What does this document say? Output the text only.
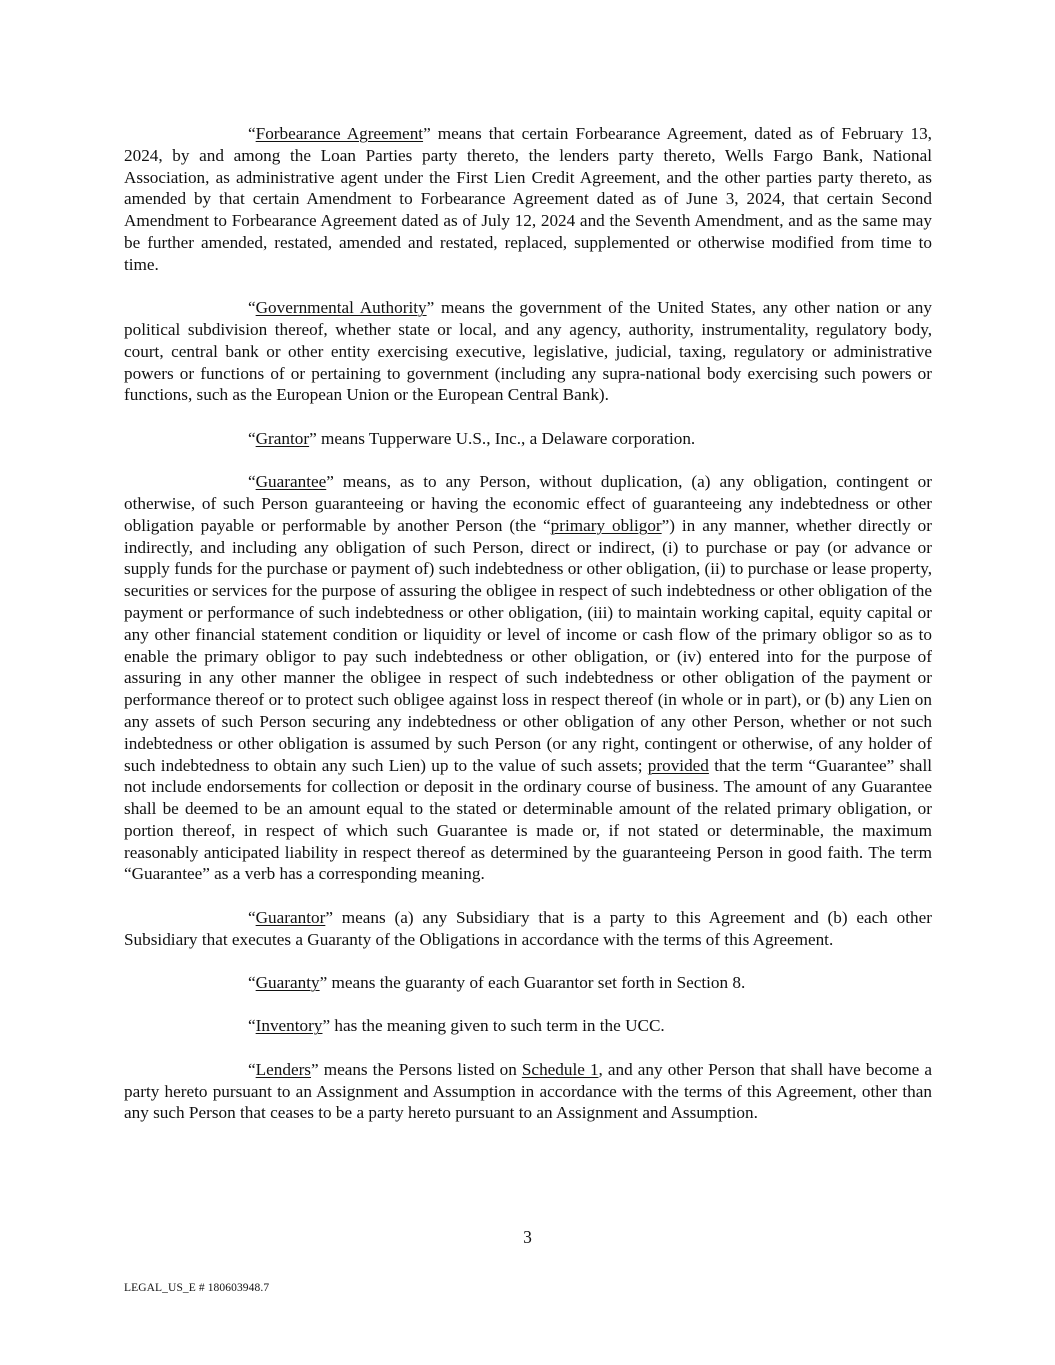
“Forbearance Agreement” means that certain Forbearance Agreement, dated as of February 13, 2024, by and among the Loan Parties party thereto, the lenders party thereto, Wells Fargo Bank, National Association, as administrative agent under the First Lien Credit Agreement, and the other parties party thereto, as amended by that certain Amendment to Forbearance Agreement dated as of June 3, 2024, that certain Second Amendment to Forbearance Agreement dated as of July 12, 2024 and the Seventh Amendment, and as the same may be further amended, restated, amended and restated, replaced, supplemented or otherwise modified from time to time.

“Governmental Authority” means the government of the United States, any other nation or any political subdivision thereof, whether state or local, and any agency, authority, instrumentality, regulatory body, court, central bank or other entity exercising executive, legislative, judicial, taxing, regulatory or administrative powers or functions of or pertaining to government (including any supra-national body exercising such powers or functions, such as the European Union or the European Central Bank).

“Grantor” means Tupperware U.S., Inc., a Delaware corporation.

“Guarantee” means, as to any Person, without duplication, (a) any obligation, contingent or otherwise, of such Person guaranteeing or having the economic effect of guaranteeing any indebtedness or other obligation payable or performable by another Person (the “primary obligor”) in any manner, whether directly or indirectly, and including any obligation of such Person, direct or indirect, (i) to purchase or pay (or advance or supply funds for the purchase or payment of) such indebtedness or other obligation, (ii) to purchase or lease property, securities or services for the purpose of assuring the obligee in respect of such indebtedness or other obligation of the payment or performance of such indebtedness or other obligation, (iii) to maintain working capital, equity capital or any other financial statement condition or liquidity or level of income or cash flow of the primary obligor so as to enable the primary obligor to pay such indebtedness or other obligation, or (iv) entered into for the purpose of assuring in any other manner the obligee in respect of such indebtedness or other obligation of the payment or performance thereof or to protect such obligee against loss in respect thereof (in whole or in part), or (b) any Lien on any assets of such Person securing any indebtedness or other obligation of any other Person, whether or not such indebtedness or other obligation is assumed by such Person (or any right, contingent or otherwise, of any holder of such indebtedness to obtain any such Lien) up to the value of such assets; provided that the term “Guarantee” shall not include endorsements for collection or deposit in the ordinary course of business. The amount of any Guarantee shall be deemed to be an amount equal to the stated or determinable amount of the related primary obligation, or portion thereof, in respect of which such Guarantee is made or, if not stated or determinable, the maximum reasonably anticipated liability in respect thereof as determined by the guaranteeing Person in good faith. The term “Guarantee” as a verb has a corresponding meaning.

“Guarantor” means (a) any Subsidiary that is a party to this Agreement and (b) each other Subsidiary that executes a Guaranty of the Obligations in accordance with the terms of this Agreement.

“Guaranty” means the guaranty of each Guarantor set forth in Section 8.

“Inventory” has the meaning given to such term in the UCC.

“Lenders” means the Persons listed on Schedule 1, and any other Person that shall have become a party hereto pursuant to an Assignment and Assumption in accordance with the terms of this Agreement, other than any such Person that ceases to be a party hereto pursuant to an Assignment and Assumption.

3
LEGAL_US_E # 180603948.7
